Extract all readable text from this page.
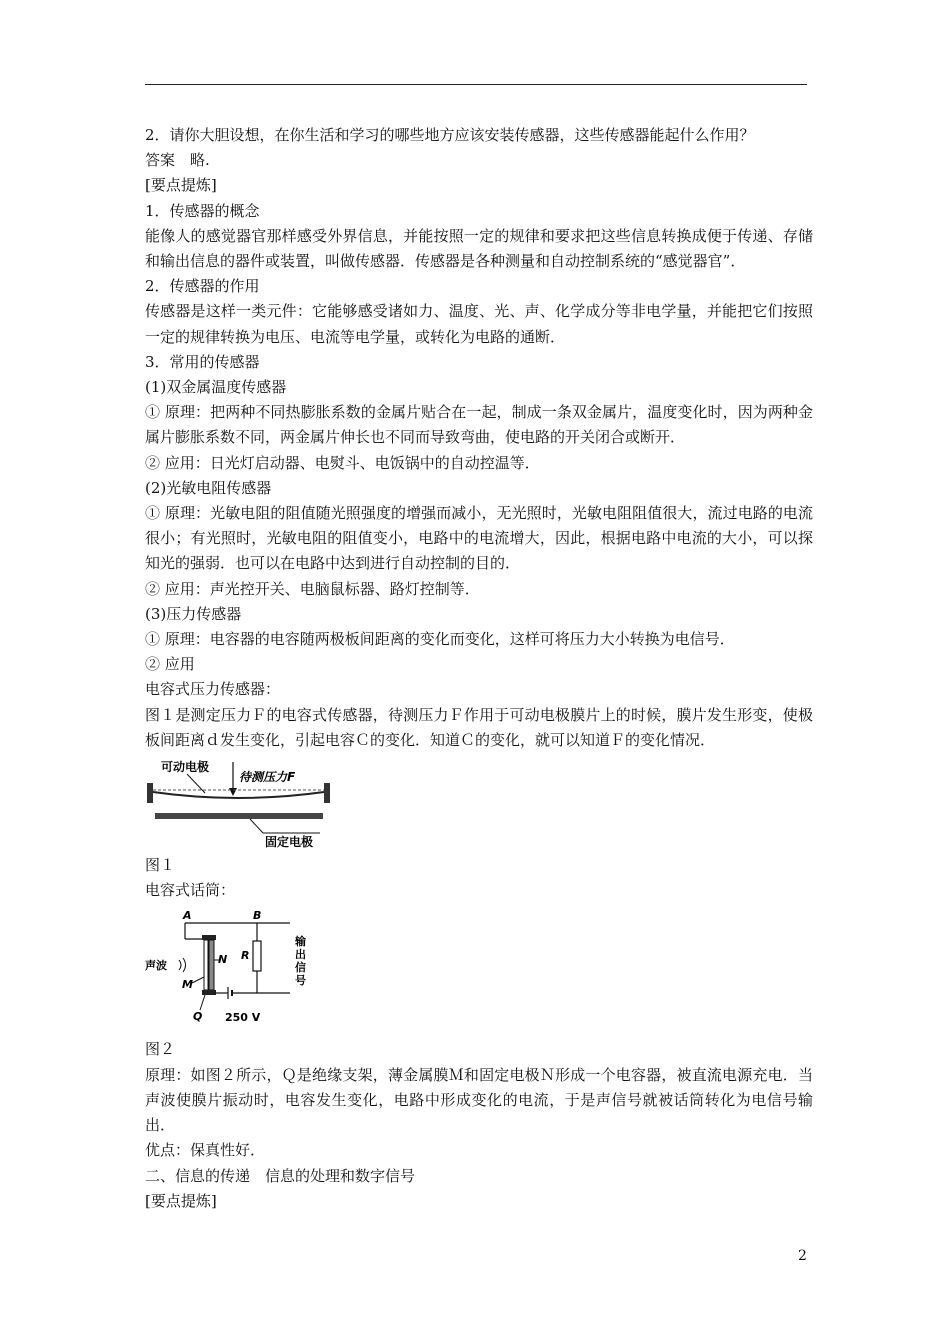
2．请你大胆设想，在你生活和学习的哪些地方应该安装传感器，这些传感器能起什么作用？

答案　略.

[要点提炼]

1．传感器的概念

能像人的感觉器官那样感受外界信息，并能按照一定的规律和要求把这些信息转换成便于传递、存储和输出信息的器件或装置，叫做传感器．传感器是各种测量和自动控制系统的“感觉器官”．

2．传感器的作用

传感器是这样一类元件：它能够感受诸如力、温度、光、声、化学成分等非电学量，并能把它们按照一定的规律转换为电压、电流等电学量，或转化为电路的通断．

3．常用的传感器

(1)双金属温度传感器

① 原理：把两种不同热膨胀系数的金属片贴合在一起，制成一条双金属片，温度变化时，因为两种金属片膨胀系数不同，两金属片伸长也不同而导致弯曲，使电路的开关闭合或断开．

② 应用：日光灯启动器、电熨斗、电饭锅中的自动控温等．

(2)光敏电阻传感器

① 原理：光敏电阻的阻值随光照强度的增强而减小，无光照时，光敏电阻阻值很大，流过电路的电流很小；有光照时，光敏电阻的阻值变小，电路中的电流增大，因此，根据电路中电流的大小，可以探知光的强弱．也可以在电路中达到进行自动控制的目的．

② 应用：声光控开关、电脑鼠标器、路灯控制等．

(3)压力传感器

① 原理：电容器的电容随两极板间距离的变化而变化，这样可将压力大小转换为电信号．

② 应用

电容式压力传感器：

图１是测定压力Ｆ的电容式传感器，待测压力Ｆ作用于可动电极膜片上的时候，膜片发生形变，使极板间距离ｄ发生变化，引起电容Ｃ的变化．知道Ｃ的变化，就可以知道Ｆ的变化情况．

可动电极
待测压力F
固定电极

图１

电容式话筒：

A	B
N
声波
M
Q 250 V
R
输
出
信
号

图２

原理：如图２所示，Ｑ是绝缘支架，薄金属膜Ｍ和固定电极Ｎ形成一个电容器，被直流电源充电．当声波使膜片振动时，电容发生变化，电路中形成变化的电流，于是声信号就被话筒转化为电信号输出．

优点：保真性好．

二、信息的传递　信息的处理和数字信号

[要点提炼]

2
